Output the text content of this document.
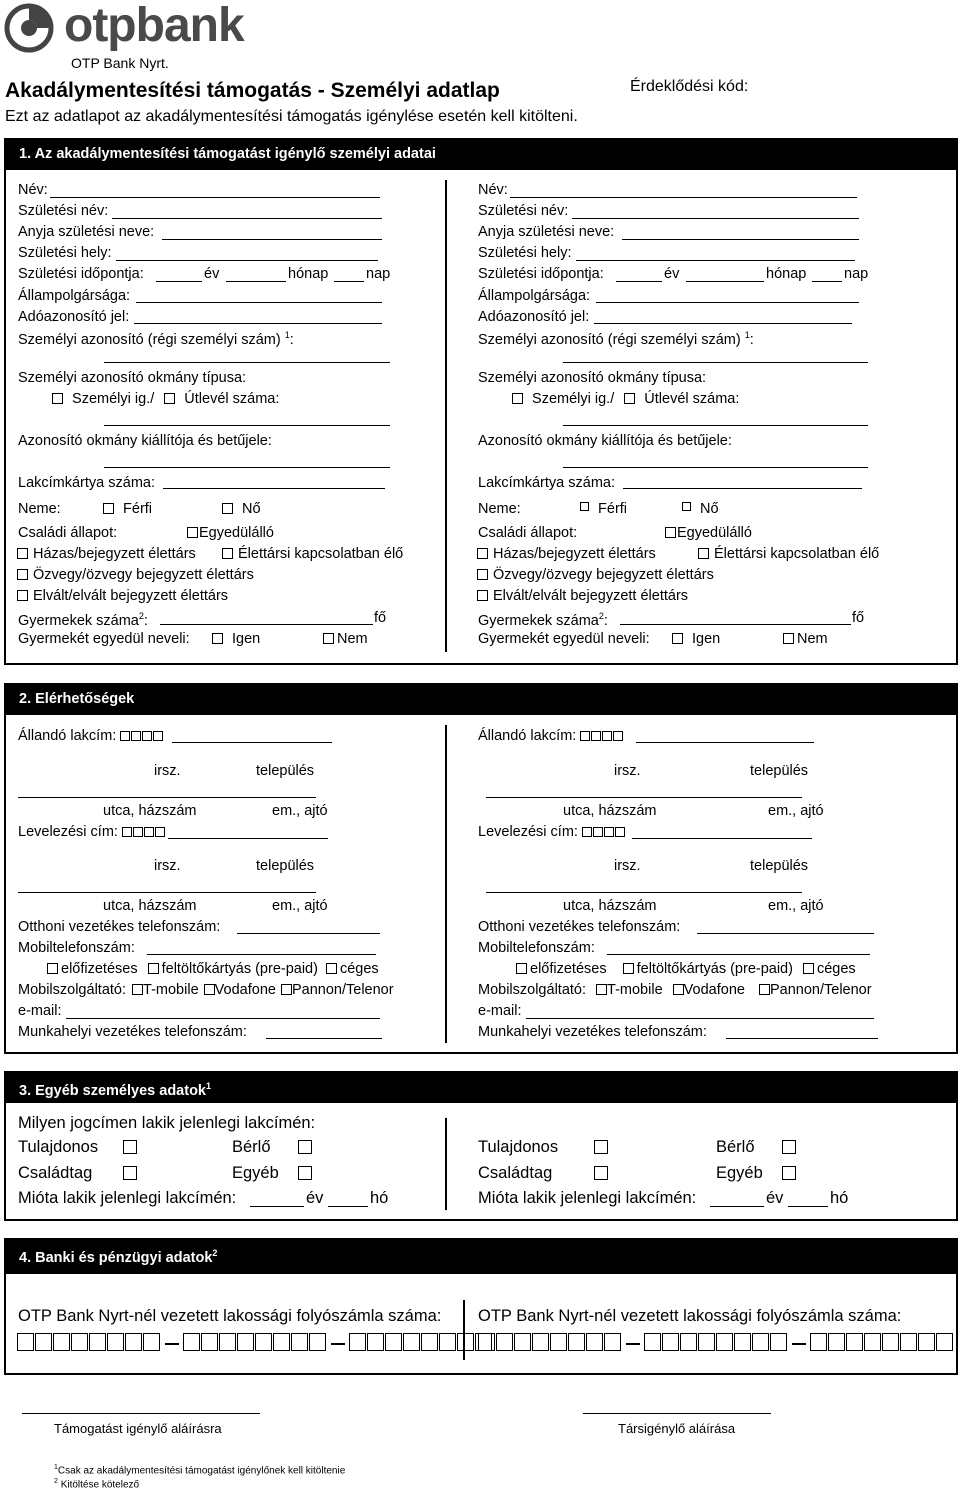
otpbank
OTP Bank Nyrt.
Akadálymentesítési támogatás - Személyi adatlap	Érdeklődési kód:
Ezt az adatlapot az akadálymentesítési támogatás igénylése esetén kell kitölteni.
1. Az akadálymentesítési támogatást igénylő személyi adatai
Név:
Születési név:
Anyja születési neve:
Születési hely:
Születési időpontja:	év	hónap	nap
Állampolgársága:
Adóazonosító jel:
Személyi azonosító (régi személyi szám) $^1$:
Személyi azonosító okmány típusa:
Személyi ig./ Útlevél száma:
Azonosító okmány kiállítója és betűjele:
Lakcímkártya száma:
Neme:	Férfi	Nő
Családi állapot:	Egyedülálló
Házas/bejegyzett élettárs	Élettársi kapcsolatban élő
Özvegy/özvegy bejegyzett élettárs
Elvált/elvált bejegyzett élettárs
Gyermekek száma$^2$:	fő
Gyermekét egyedül neveli:	Igen	Nem
Név:
Születési név:
Anyja születési neve:
Születési hely:
Születési időpontja:	év	hónap	nap
Állampolgársága:
Adóazonosító jel:
Személyi azonosító (régi személyi szám) $^1$:
Személyi azonosító okmány típusa:
Személyi ig./ Útlevél száma:
Azonosító okmány kiállítója és betűjele:
Lakcímkártya száma:
Neme:	Férfi	Nő
Családi állapot:	Egyedülálló
Házas/bejegyzett élettárs	Élettársi kapcsolatban élő
Özvegy/özvegy bejegyzett élettárs
Elvált/elvált bejegyzett élettárs
Gyermekek száma$^2$:	fő
Gyermekét egyedül neveli:	Igen	Nem
2. Elérhetőségek
Állandó lakcím:
irsz.	település
utca, házszám	em., ajtó
Levelezési cím:
irsz.	település
utca, házszám	em., ajtó
Otthoni vezetékes telefonszám:
Mobiltelefonszám:
előfizetéses feltöltőkártyás (pre-paid) céges
Mobilszolgáltató: T-mobile Vodafone Pannon/Telenor
e-mail:
Munkahelyi vezetékes telefonszám:
Állandó lakcím:
irsz.	település
utca, házszám	em., ajtó
Levelezési cím:
irsz.	település
utca, házszám	em., ajtó
Otthoni vezetékes telefonszám:
Mobiltelefonszám:
előfizetéses feltöltőkártyás (pre-paid) céges
Mobilszolgáltató: T-mobile Vodafone Pannon/Telenor
e-mail:
Munkahelyi vezetékes telefonszám:
3. Egyéb személyes adatok$^1$
Milyen jogcímen lakik jelenlegi lakcímén:
Tulajdonos	Bérlő
Családtag	Egyéb
Mióta lakik jelenlegi lakcímén:	év	hó
Tulajdonos	Bérlő
Családtag	Egyéb
Mióta lakik jelenlegi lakcímén:	év	hó
4. Banki és pénzügyi adatok$^2$
OTP Bank Nyrt-nél vezetett lakossági folyószámla száma: OTP Bank Nyrt-nél vezetett lakossági folyószámla száma:
Támogatást igénylő aláírásra	Társigénylő aláírása
$^1$Csak az akadálymentesítési támogatást igénylőnek kell kitöltenie
$^2$ Kitöltése kötelező
